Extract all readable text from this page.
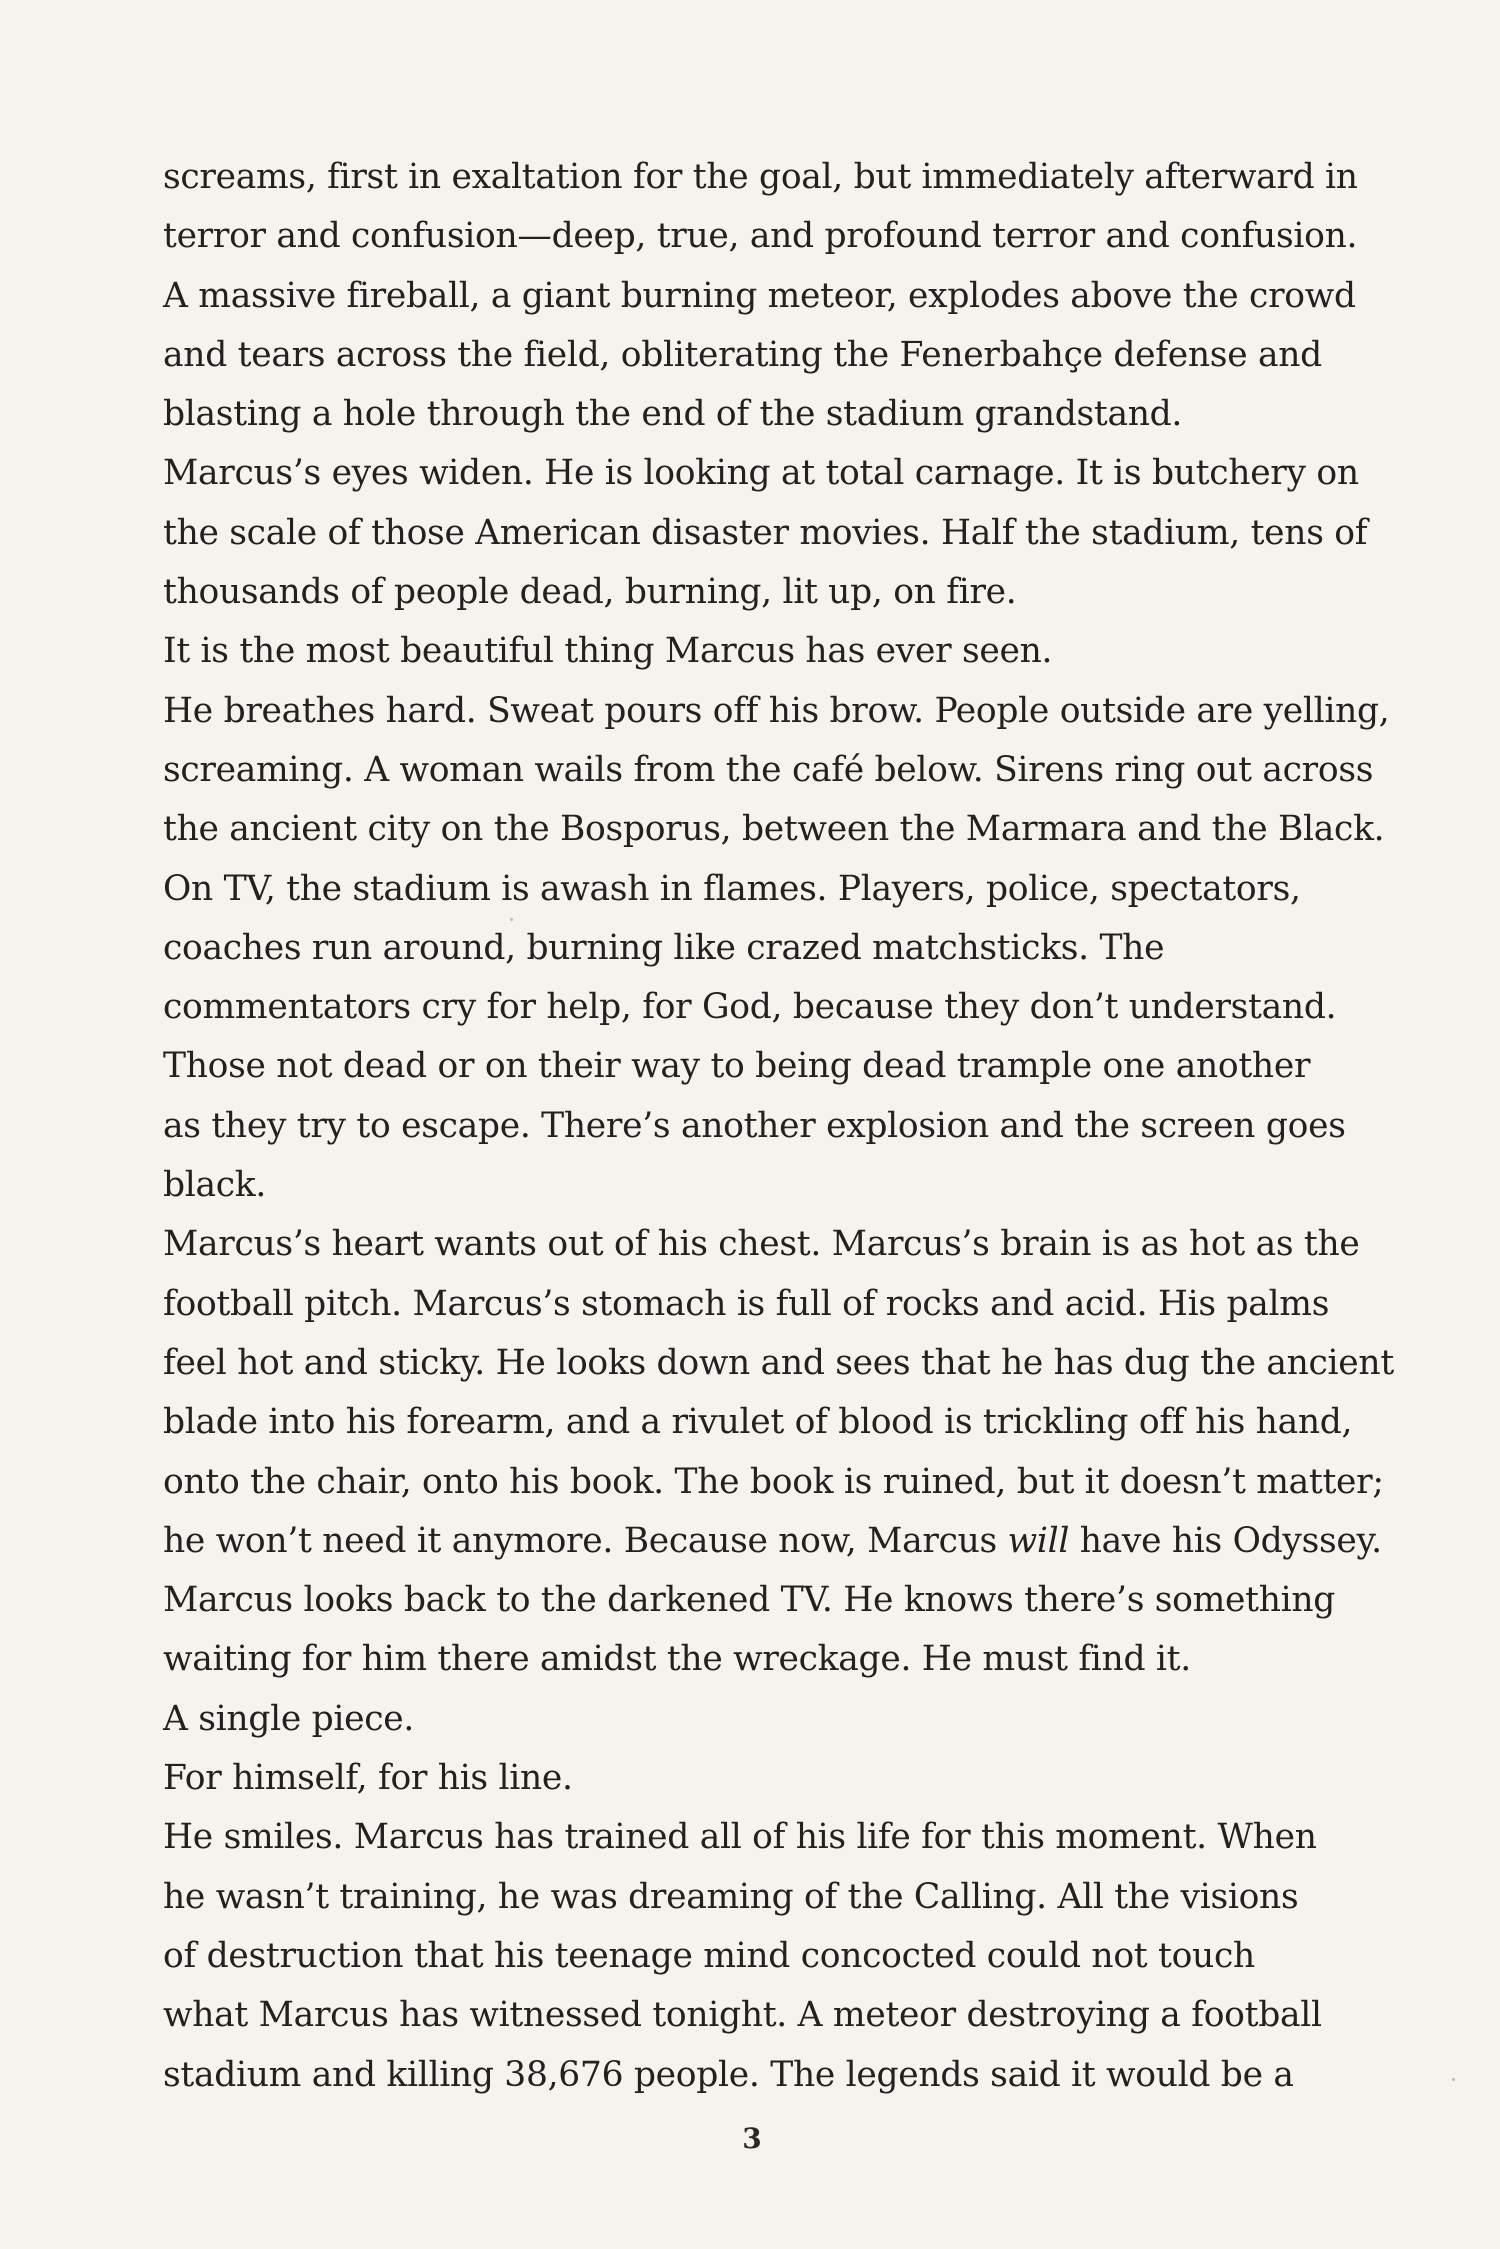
screams, first in exaltation for the goal, but immediately afterward in
terror and confusion—deep, true, and profound terror and confusion.
A massive fireball, a giant burning meteor, explodes above the crowd
and tears across the field, obliterating the Fenerbahçe defense and
blasting a hole through the end of the stadium grandstand.
Marcus’s eyes widen. He is looking at total carnage. It is butchery on
the scale of those American disaster movies. Half the stadium, tens of
thousands of people dead, burning, lit up, on fire.
It is the most beautiful thing Marcus has ever seen.
He breathes hard. Sweat pours off his brow. People outside are yelling,
screaming. A woman wails from the café below. Sirens ring out across
the ancient city on the Bosporus, between the Marmara and the Black.
On TV, the stadium is awash in flames. Players, police, spectators,
coaches run around, burning like crazed matchsticks. The
commentators cry for help, for God, because they don’t understand.
Those not dead or on their way to being dead trample one another
as they try to escape. There’s another explosion and the screen goes
black.
Marcus’s heart wants out of his chest. Marcus’s brain is as hot as the
football pitch. Marcus’s stomach is full of rocks and acid. His palms
feel hot and sticky. He looks down and sees that he has dug the ancient
blade into his forearm, and a rivulet of blood is trickling off his hand,
onto the chair, onto his book. The book is ruined, but it doesn’t matter;
he won’t need it anymore. Because now, Marcus will have his Odyssey.
Marcus looks back to the darkened TV. He knows there’s something
waiting for him there amidst the wreckage. He must find it.
A single piece.
For himself, for his line.
He smiles. Marcus has trained all of his life for this moment. When
he wasn’t training, he was dreaming of the Calling. All the visions
of destruction that his teenage mind concocted could not touch
what Marcus has witnessed tonight. A meteor destroying a football
stadium and killing 38,676 people. The legends said it would be a
3
